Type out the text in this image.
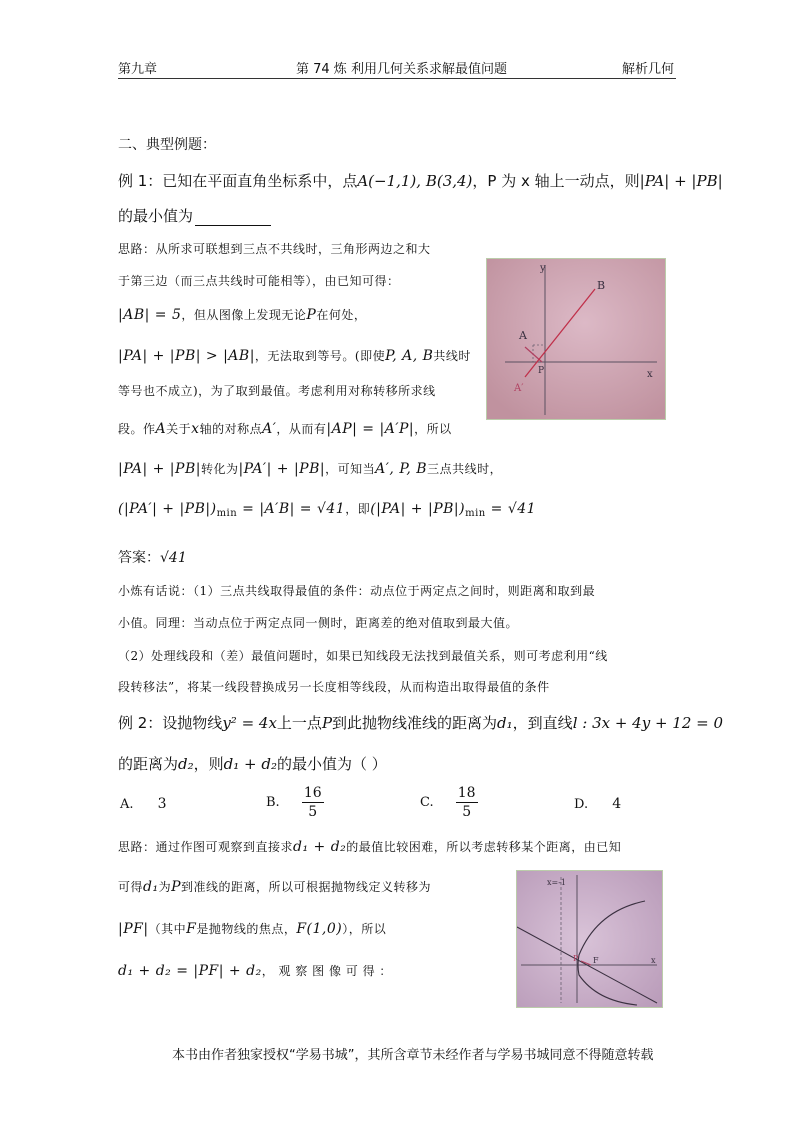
第九章	第 74 炼 利用几何关系求解最值问题	解析几何
二、典型例题：
例 1：已知在平面直角坐标系中，点A(−1,1), B(3,4)，P 为 x 轴上一动点，则|PA| + |PB|
的最小值为
思路：从所求可联想到三点不共线时，三角形两边之和大
于第三边（而三点共线时可能相等），由已知可得：
|AB| = 5，但从图像上发现无论P在何处，
|PA| + |PB| > |AB|，无法取到等号。(即使P, A, B共线时
等号也不成立)，为了取到最值。考虑利用对称转移所求线
段。作A关于x轴的对称点A′，从而有|AP| = |A′P|，所以
|PA| + |PB|转化为|PA′| + |PB|，可知当A′, P, B三点共线时，
$(|PA'| + |PB|)_{min} = |A'B| = √41$，即$(|PA| + |PB|)_{min} = √41$
y
B
A
P
A′
x
答案：√41
小炼有话说：（1）三点共线取得最值的条件：动点位于两定点之间时，则距离和取到最
小值。同理：当动点位于两定点同一侧时，距离差的绝对值取到最大值。
（2）处理线段和（差）最值问题时，如果已知线段无法找到最值关系，则可考虑利用“线
段转移法”，将某一线段替换成另一长度相等线段，从而构造出取得最值的条件
例 2：设抛物线y² = 4x上一点P到此抛物线准线的距离为d₁，到直线l : 3x + 4y + 12 = 0
的距离为d₂，则d₁ + d₂的最小值为（ ）
A. 3	B. $\frac{16}{5}$	C. $\frac{18}{5}$	D. 4
思路：通过作图可观察到直接求d₁ + d₂的最值比较困难，所以考虑转移某个距离，由已知
可得d₁为P到准线的距离，所以可根据抛物线定义转移为
|PF|（其中F是抛物线的焦点，F(1,0)），所以
d₁ + d₂ = |PF| + d₂， 观 察 图 像 可 得 ：
x=-1
P F	x
本书由作者独家授权“学易书城”，其所含章节未经作者与学易书城同意不得随意转载
